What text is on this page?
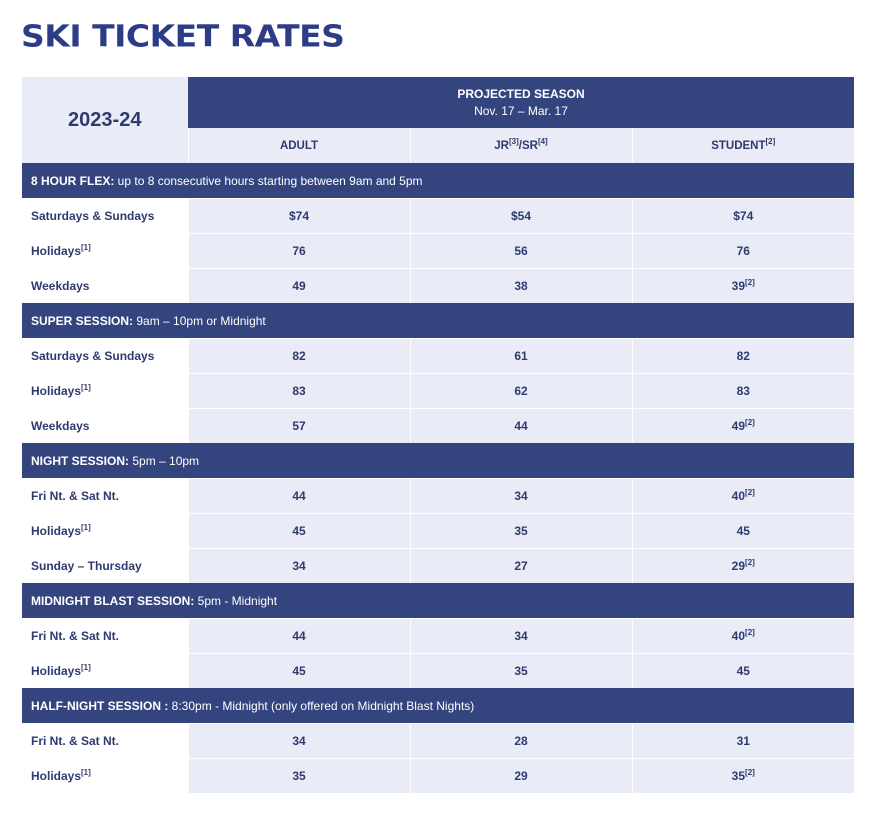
SKI TICKET RATES
2023-24	PROJECTED SEASON
Nov. 17 – Mar. 17		

	ADULT	JR[3]/SR[4]	STUDENT[2]
8 HOUR FLEX: up to 8 consecutive hours starting between 9am and 5pm			
Saturdays & Sundays	$74	$54	$74
Holidays[1]	76	56	76
Weekdays	49	38	39[2]
SUPER SESSION: 9am – 10pm or Midnight			
Saturdays & Sundays	82	61	82
Holidays[1]	83	62	83
Weekdays	57	44	49[2]
NIGHT SESSION: 5pm – 10pm			
Fri Nt. & Sat Nt.	44	34	40[2]
Holidays[1]	45	35	45
Sunday – Thursday	34	27	29[2]
MIDNIGHT BLAST SESSION: 5pm - Midnight			
Fri Nt. & Sat Nt.	44	34	40[2]
Holidays[1]	45	35	45
HALF-NIGHT SESSION : 8:30pm - Midnight (only offered on Midnight Blast Nights)			
Fri Nt. & Sat Nt.	34	28	31
Holidays[1]	35	29	35[2]
